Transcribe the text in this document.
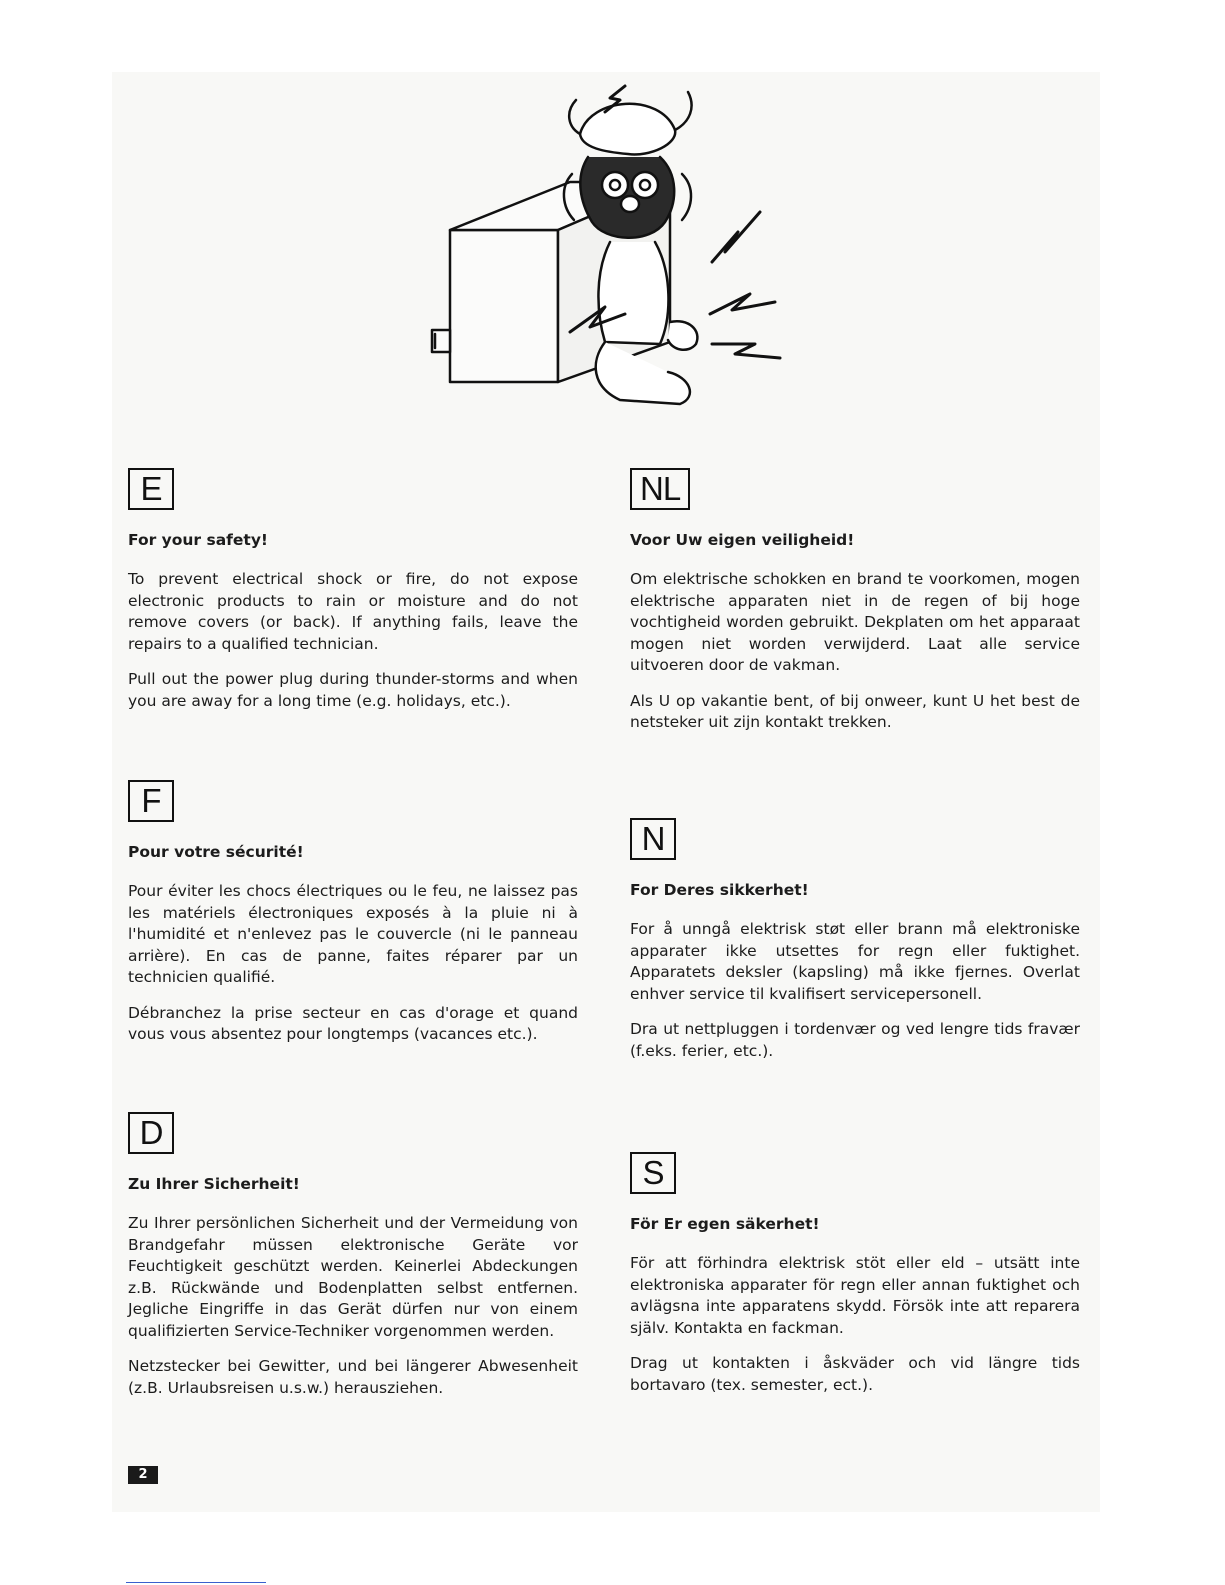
E
For your safety!

To prevent electrical shock or fire, do not expose electronic products to rain or moisture and do not remove covers (or back). If anything fails, leave the repairs to a qualified technician.

Pull out the power plug during thunder-storms and when you are away for a long time (e.g. holidays, etc.).

F
Pour votre sécurité!

Pour éviter les chocs électriques ou le feu, ne laissez pas les matériels électroniques exposés à la pluie ni à l'humidité et n'enlevez pas le couvercle (ni le panneau arrière). En cas de panne, faites réparer par un technicien qualifié.

Débranchez la prise secteur en cas d'orage et quand vous vous absentez pour longtemps (vacances etc.).

D
Zu Ihrer Sicherheit!

Zu Ihrer persönlichen Sicherheit und der Vermeidung von Brandgefahr müssen elektronische Geräte vor Feuchtigkeit geschützt werden. Keinerlei Abdeckungen z.B. Rückwände und Bodenplatten selbst entfernen. Jegliche Eingriffe in das Gerät dürfen nur von einem qualifizierten Service-Techniker vorgenommen werden.

Netzstecker bei Gewitter, und bei längerer Abwesenheit (z.B. Urlaubsreisen u.s.w.) herausziehen.

NL
Voor Uw eigen veiligheid!

Om elektrische schokken en brand te voorkomen, mogen elektrische apparaten niet in de regen of bij hoge vochtigheid worden gebruikt. Dekplaten om het apparaat mogen niet worden verwijderd. Laat alle service uitvoeren door de vakman.

Als U op vakantie bent, of bij onweer, kunt U het best de netsteker uit zijn kontakt trekken.

N
For Deres sikkerhet!

For å unngå elektrisk støt eller brann må elektroniske apparater ikke utsettes for regn eller fuktighet. Apparatets deksler (kapsling) må ikke fjernes. Overlat enhver service til kvalifisert servicepersonell.

Dra ut nettpluggen i tordenvær og ved lengre tids fravær (f.eks. ferier, etc.).

S
För Er egen säkerhet!

För att förhindra elektrisk stöt eller eld – utsätt inte elektroniska apparater för regn eller annan fuktighet och avlägsna inte apparatens skydd. Försök inte att reparera själv. Kontakta en fackman.

Drag ut kontakten i åskväder och vid längre tids bortavaro (tex. semester, ect.).

2
